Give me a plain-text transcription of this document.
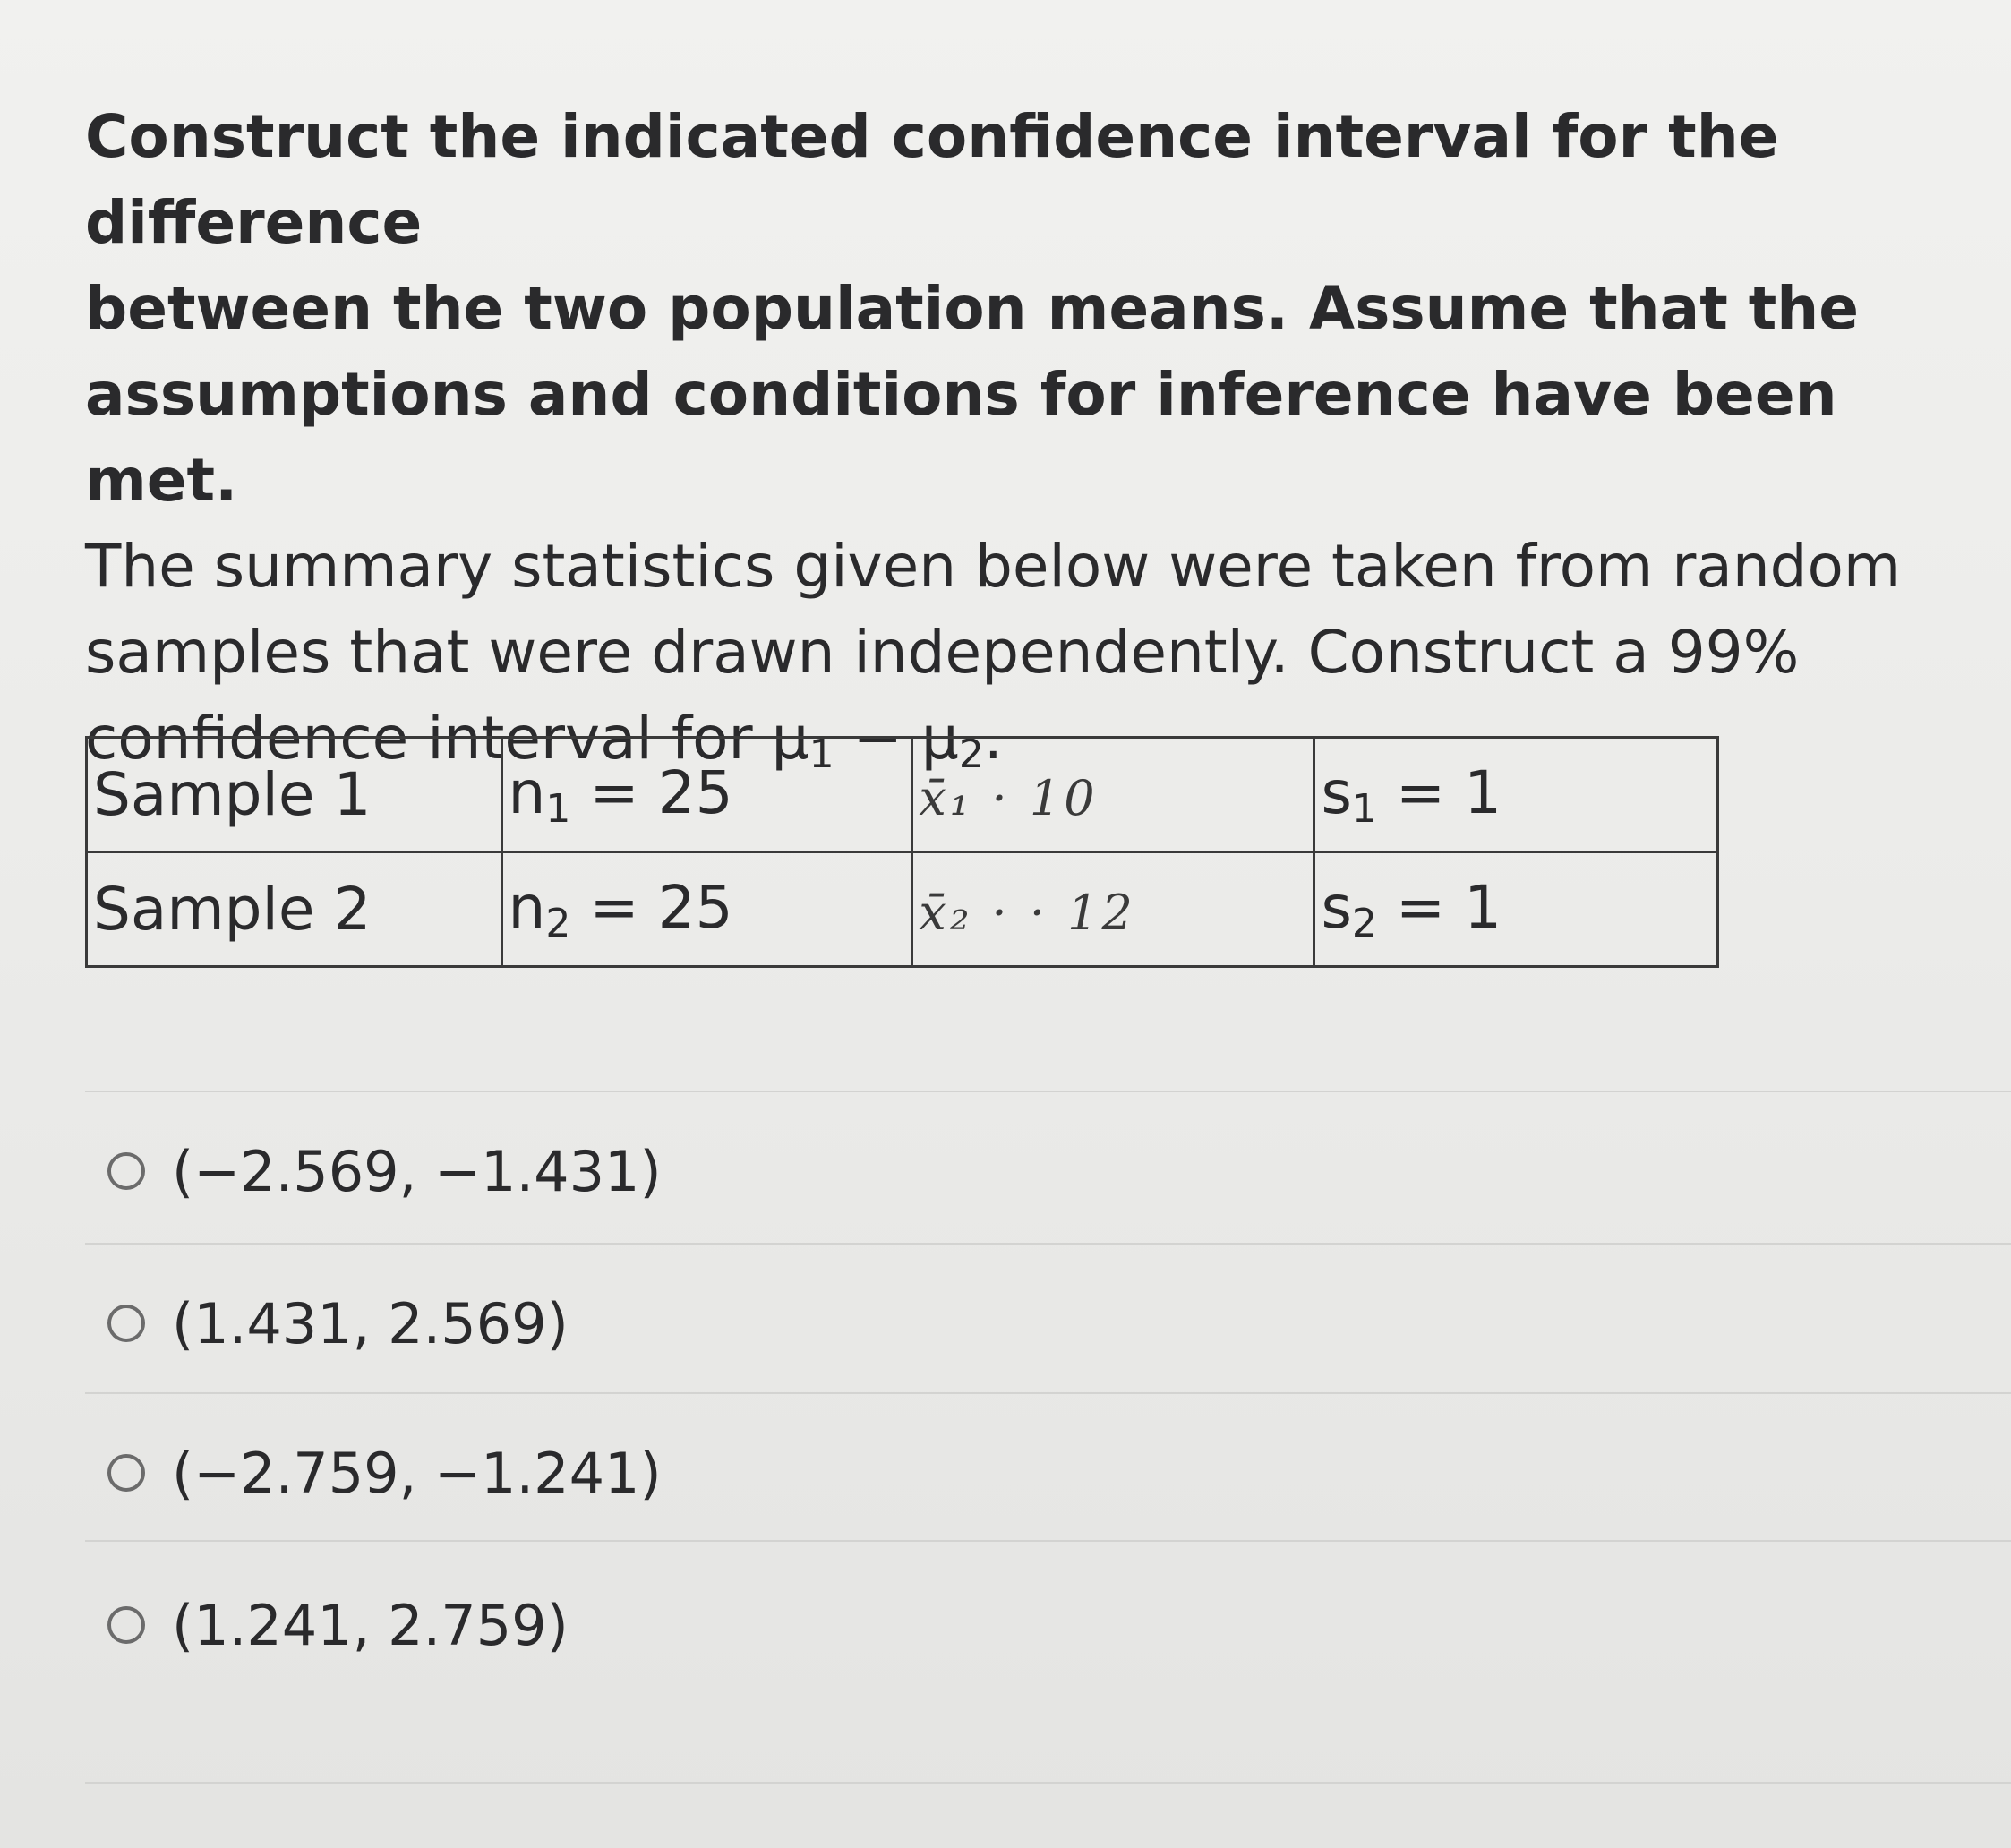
Construct the indicated confidence interval for the difference
between the two population means. Assume that the
assumptions and conditions for inference have been met.
The summary statistics given below were taken from random
samples that were drawn independently. Construct a 99%
confidence interval for $\mu_1 - \mu_2$.
Sample 1	$n_1 = 25$	x̄₁ · 10	$s_1 = 1$
Sample 2	$n_2 = 25$	x̄₂ · · 12	$s_2 = 1$
(−2.569, −1.431)
(1.431, 2.569)
(−2.759, −1.241)
(1.241, 2.759)
